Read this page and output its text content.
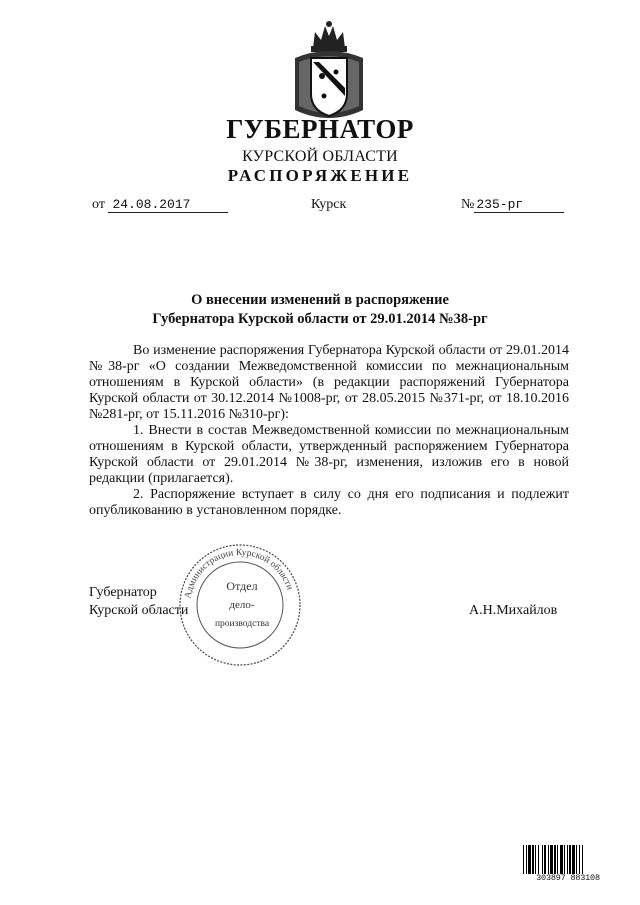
ГУБЕРНАТОР
КУРСКОЙ ОБЛАСТИ
РАСПОРЯЖЕНИЕ
от 24.08.2017	Курск	№ 235-рг
О внесении изменений в распоряжение
Губернатора Курской области от 29.01.2014 №38-рг

Во изменение распоряжения Губернатора Курской области от 29.01.2014 №38-рг «О создании Межведомственной комиссии по межнациональным отношениям в Курской области» (в редакции распоряжений Губернатора Курской области от 30.12.2014 №1008-рг, от 28.05.2015 №371-рг, от 18.10.2016 №281-рг, от 15.11.2016 №310-рг):

1. Внести в состав Межведомственной комиссии по межнациональным отношениям в Курской области, утвержденный распоряжением Губернатора Курской области от 29.01.2014 №38-рг, изменения, изложив его в новой редакции (прилагается).

2. Распоряжение вступает в силу со дня его подписания и подлежит опубликованию в установленном порядке.

Губернатор
Курской области	А.Н.Михайлов
Администрации Курской области
Отдел
дело-
производства
303897 883108
